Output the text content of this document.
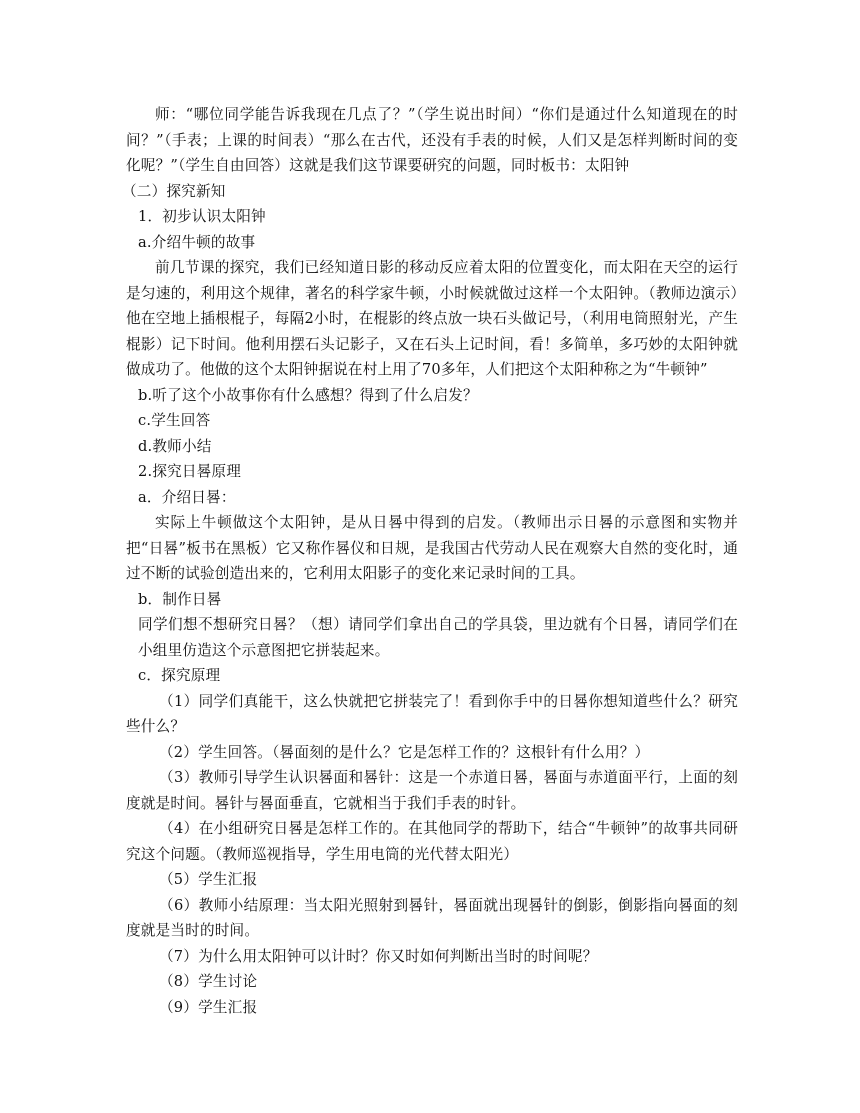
师：“哪位同学能告诉我现在几点了？”（学生说出时间）“你们是通过什么知道现在的时间？”（手表；上课的时间表）“那么在古代，还没有手表的时候，人们又是怎样判断时间的变化呢？”（学生自由回答）这就是我们这节课要研究的问题，同时板书：太阳钟

（二）探究新知

1．初步认识太阳钟

a.介绍牛顿的故事

前几节课的探究，我们已经知道日影的移动反应着太阳的位置变化，而太阳在天空的运行是匀速的，利用这个规律，著名的科学家牛顿，小时候就做过这样一个太阳钟。（教师边演示）他在空地上插根棍子，每隔2小时，在棍影的终点放一块石头做记号，（利用电筒照射光，产生棍影）记下时间。他利用摆石头记影子，又在石头上记时间，看！多简单，多巧妙的太阳钟就做成功了。他做的这个太阳钟据说在村上用了70多年，人们把这个太阳种称之为“牛顿钟”

b.听了这个小故事你有什么感想？得到了什么启发？

c.学生回答

d.教师小结

2.探究日晷原理

a．介绍日晷：

实际上牛顿做这个太阳钟，是从日晷中得到的启发。（教师出示日晷的示意图和实物并把“日晷”板书在黑板）它又称作晷仪和日规，是我国古代劳动人民在观察大自然的变化时，通过不断的试验创造出来的，它利用太阳影子的变化来记录时间的工具。

b．制作日晷

同学们想不想研究日晷？（想）请同学们拿出自己的学具袋，里边就有个日晷，请同学们在小组里仿造这个示意图把它拼装起来。

c．探究原理

（1）同学们真能干，这么快就把它拼装完了！看到你手中的日晷你想知道些什么？研究些什么？

（2）学生回答。（晷面刻的是什么？它是怎样工作的？这根针有什么用？）

（3）教师引导学生认识晷面和晷针：这是一个赤道日晷，晷面与赤道面平行，上面的刻度就是时间。晷针与晷面垂直，它就相当于我们手表的时针。

（4）在小组研究日晷是怎样工作的。在其他同学的帮助下，结合“牛顿钟”的故事共同研究这个问题。（教师巡视指导，学生用电筒的光代替太阳光）

（5）学生汇报

（6）教师小结原理：当太阳光照射到晷针，晷面就出现晷针的倒影，倒影指向晷面的刻度就是当时的时间。

（7）为什么用太阳钟可以计时？你又时如何判断出当时的时间呢？

（8）学生讨论

（9）学生汇报
